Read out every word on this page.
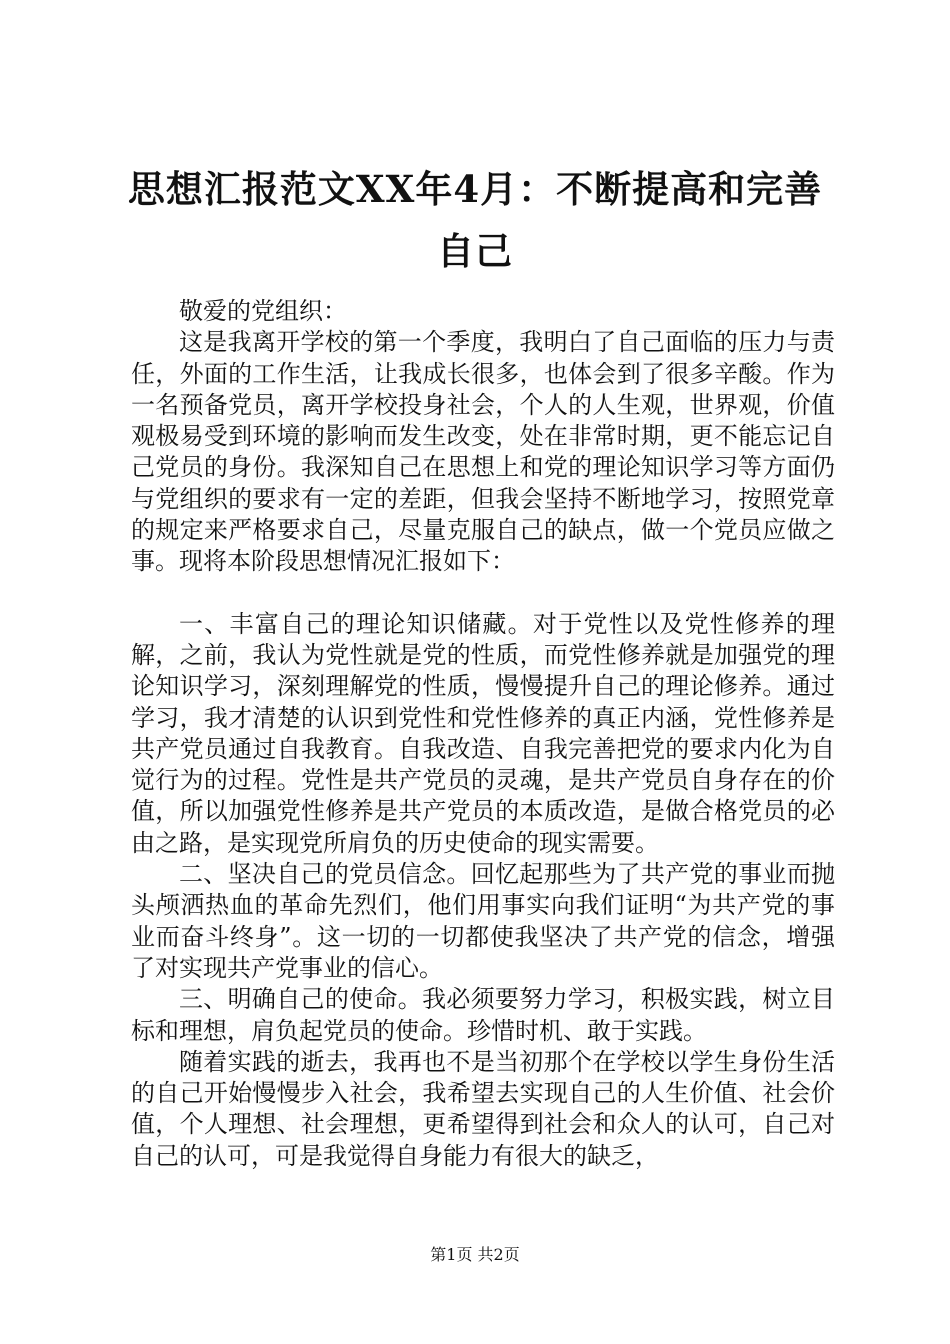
思想汇报范文XX年4月：不断提高和完善自己

敬爱的党组织：

这是我离开学校的第一个季度，我明白了自己面临的压力与责任，外面的工作生活，让我成长很多，也体会到了很多辛酸。作为一名预备党员，离开学校投身社会，个人的人生观，世界观，价值观极易受到环境的影响而发生改变，处在非常时期，更不能忘记自己党员的身份。我深知自己在思想上和党的理论知识学习等方面仍与党组织的要求有一定的差距，但我会坚持不断地学习，按照党章的规定来严格要求自己，尽量克服自己的缺点，做一个党员应做之事。现将本阶段思想情况汇报如下：

一、丰富自己的理论知识储藏。对于党性以及党性修养的理解，之前，我认为党性就是党的性质，而党性修养就是加强党的理论知识学习，深刻理解党的性质，慢慢提升自己的理论修养。通过学习，我才清楚的认识到党性和党性修养的真正内涵，党性修养是共产党员通过自我教育。自我改造、自我完善把党的要求内化为自觉行为的过程。党性是共产党员的灵魂，是共产党员自身存在的价值，所以加强党性修养是共产党员的本质改造，是做合格党员的必由之路，是实现党所肩负的历史使命的现实需要。

二、坚决自己的党员信念。回忆起那些为了共产党的事业而抛头颅洒热血的革命先烈们，他们用事实向我们证明“为共产党的事业而奋斗终身”。这一切的一切都使我坚决了共产党的信念，增强了对实现共产党事业的信心。

三、明确自己的使命。我必须要努力学习，积极实践，树立目标和理想，肩负起党员的使命。珍惜时机、敢于实践。

随着实践的逝去，我再也不是当初那个在学校以学生身份生活的自己开始慢慢步入社会，我希望去实现自己的人生价值、社会价值，个人理想、社会理想，更希望得到社会和众人的认可，自己对自己的认可，可是我觉得自身能力有很大的缺乏，

第1页 共2页
